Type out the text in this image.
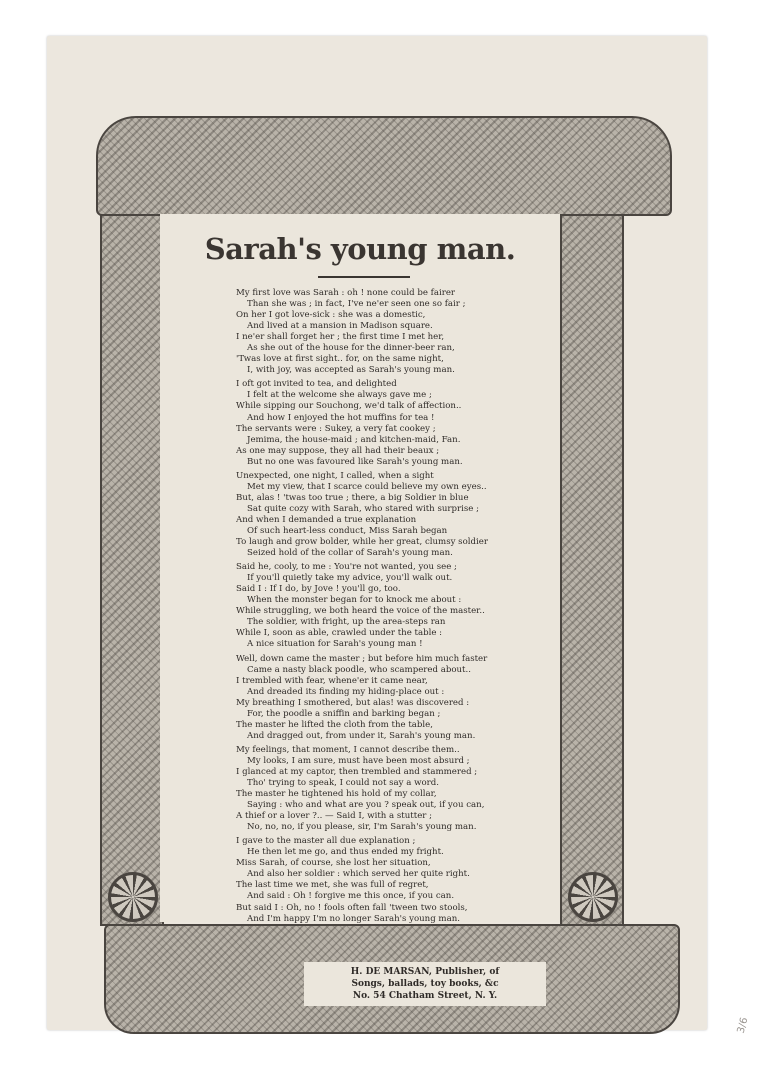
Sarah's young man.
My first love was Sarah : oh ! none could be fairer
Than she was ; in fact, I've ne'er seen one so fair ;
On her I got love-sick : she was a domestic,
And lived at a mansion in Madison square.
I ne'er shall forget her ; the first time I met her,
As she out of the house for the dinner-beer ran,
'Twas love at first sight.. for, on the same night,
I, with joy, was accepted as Sarah's young man.
I oft got invited to tea, and delighted
I felt at the welcome she always gave me ;
While sipping our Souchong, we'd talk of affection..
And how I enjoyed the hot muffins for tea !
The servants were : Sukey, a very fat cookey ;
Jemima, the house-maid ; and kitchen-maid, Fan.
As one may suppose, they all had their beaux ;
But no one was favoured like Sarah's young man.
Unexpected, one night, I called, when a sight
Met my view, that I scarce could believe my own eyes..
But, alas ! 'twas too true ; there, a big Soldier in blue
Sat quite cozy with Sarah, who stared with surprise ;
And when I demanded a true explanation
Of such heart-less conduct, Miss Sarah began
To laugh and grow bolder, while her great, clumsy soldier
Seized hold of the collar of Sarah's young man.
Said he, cooly, to me : You're not wanted, you see ;
If you'll quietly take my advice, you'll walk out.
Said I : If I do, by Jove ! you'll go, too.
When the monster began for to knock me about :
While struggling, we both heard the voice of the master..
The soldier, with fright, up the area-steps ran
While I, soon as able, crawled under the table :
A nice situation for Sarah's young man !
Well, down came the master ; but before him much faster
Came a nasty black poodle, who scampered about..
I trembled with fear, whene'er it came near,
And dreaded its finding my hiding-place out :
My breathing I smothered, but alas! was discovered :
For, the poodle a sniffin and barking began ;
The master he lifted the cloth from the table,
And dragged out, from under it, Sarah's young man.
My feelings, that moment, I cannot describe them..
My looks, I am sure, must have been most absurd ;
I glanced at my captor, then trembled and stammered ;
Tho' trying to speak, I could not say a word.
The master he tightened his hold of my collar,
Saying : who and what are you ? speak out, if you can,
A thief or a lover ?.. — Said I, with a stutter ;
No, no, no, if you please, sir, I'm Sarah's young man.
I gave to the master all due explanation ;
He then let me go, and thus ended my fright.
Miss Sarah, of course, she lost her situation,
And also her soldier : which served her quite right.
The last time we met, she was full of regret,
And said : Oh ! forgive me this once, if you can.
But said I : Oh, no ! fools often fall 'tween two stools,
And I'm happy I'm no longer Sarah's young man.
H. DE MARSAN, Publisher, of
Songs, ballads, toy books, &c
No. 54 Chatham Street, N. Y.
3/6
